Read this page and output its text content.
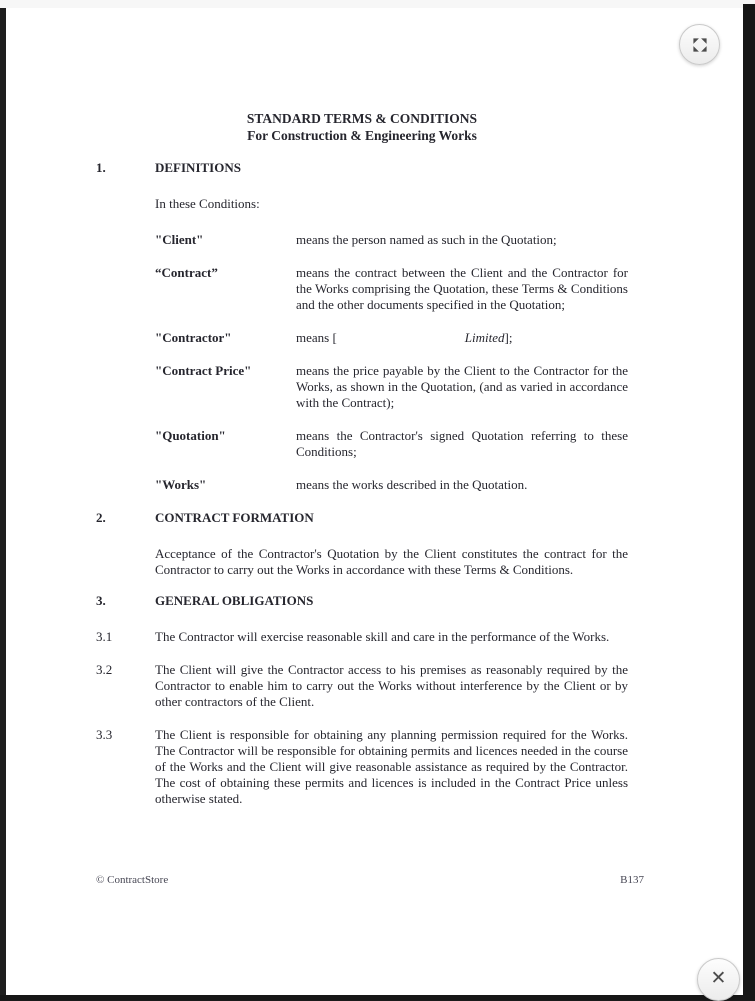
STANDARD TERMS & CONDITIONS
For Construction & Engineering Works
1.	DEFINITIONS
In these Conditions:
"Client"	means the person named as such in the Quotation;
“Contract”	means the contract between the Client and the Contractor for the Works comprising the Quotation, these Terms & Conditions and the other documents specified in the Quotation;
"Contractor"	means [	Limited];
"Contract Price"	means the price payable by the Client to the Contractor for the Works, as shown in the Quotation, (and as varied in accordance with the Contract);
"Quotation"	means the Contractor's signed Quotation referring to these Conditions;
"Works"	means the works described in the Quotation.
2.	CONTRACT FORMATION
Acceptance of the Contractor's Quotation by the Client constitutes the contract for the Contractor to carry out the Works in accordance with these Terms & Conditions.
3.	GENERAL OBLIGATIONS
3.1	The Contractor will exercise reasonable skill and care in the performance of the Works.
3.2	The Client will give the Contractor access to his premises as reasonably required by the Contractor to enable him to carry out the Works without interference by the Client or by other contractors of the Client.
3.3	The Client is responsible for obtaining any planning permission required for the Works. The Contractor will be responsible for obtaining permits and licences needed in the course of the Works and the Client will give reasonable assistance as required by the Contractor. The cost of obtaining these permits and licences is included in the Contract Price unless otherwise stated.
© ContractStore	B137
✕
